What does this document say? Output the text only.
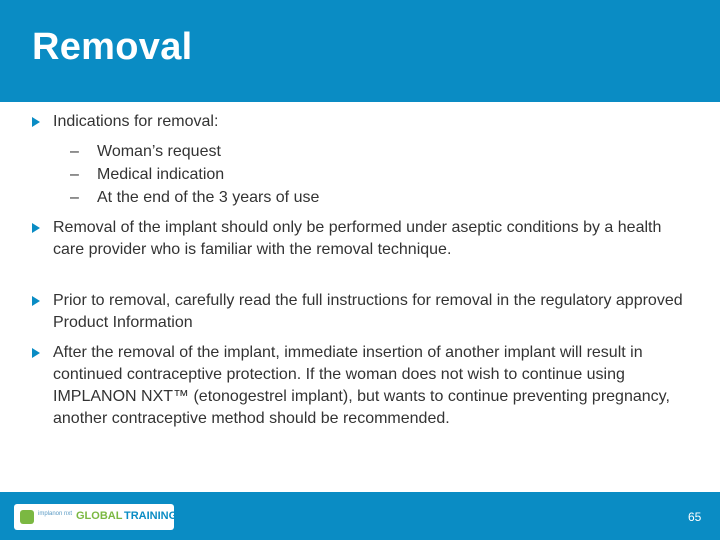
Removal
Indications for removal:
– Woman’s request
– Medical indication
– At the end of the 3 years of use
Removal of the implant should only be performed under aseptic conditions by a health care provider who is familiar with the removal technique.
Prior to removal, carefully read the full instructions for removal in the regulatory approved Product Information
After the removal of the implant, immediate insertion of another implant will result in continued contraceptive protection. If the woman does not wish to continue using IMPLANON NXT™ (etonogestrel implant), but wants to continue preventing pregnancy, another contraceptive method should be recommended.
implanon nxt GLOBAL TRAINING	65
